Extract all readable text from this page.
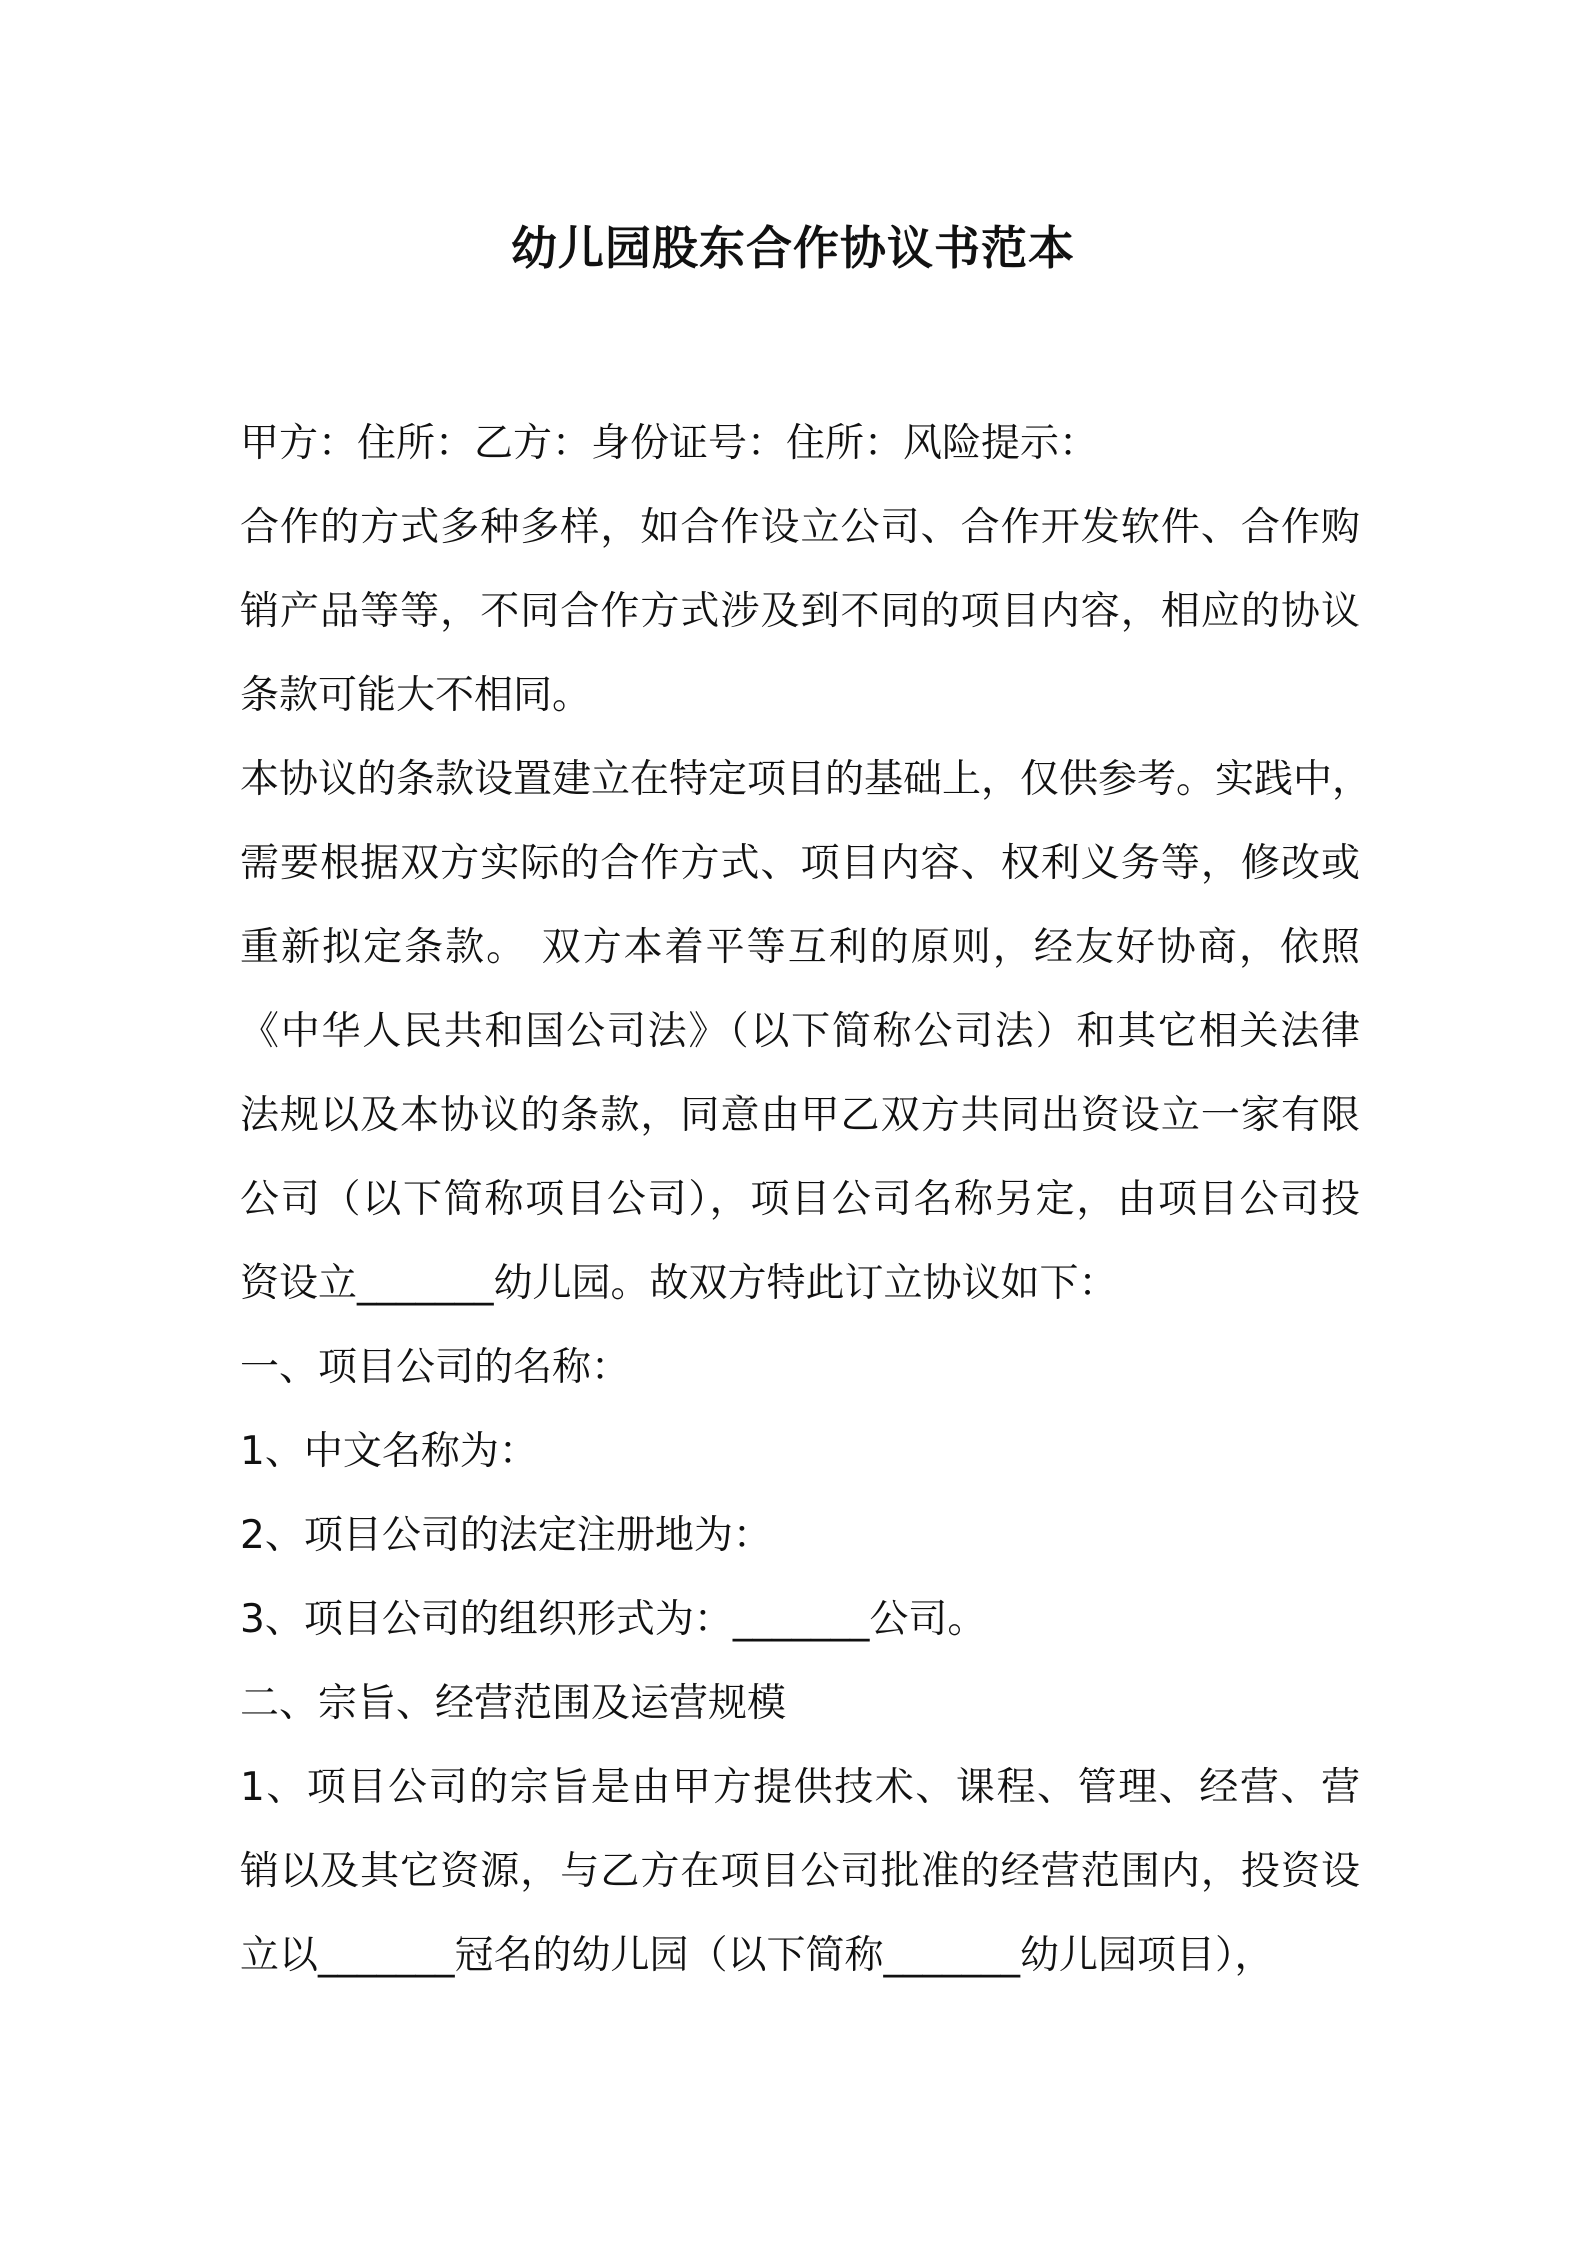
幼儿园股东合作协议书范本
甲方：住所：乙方：身份证号：住所：风险提示：
合作的方式多种多样，如合作设立公司、合作开发软件、合作购
销产品等等，不同合作方式涉及到不同的项目内容，相应的协议
条款可能大不相同。
本协议的条款设置建立在特定项目的基础上，仅供参考。实践中，
需要根据双方实际的合作方式、项目内容、权利义务等，修改或
重新拟定条款。 双方本着平等互利的原则，经友好协商，依照
《中华人民共和国公司法》（以下简称公司法）和其它相关法律
法规以及本协议的条款，同意由甲乙双方共同出资设立一家有限
公司（以下简称项目公司），项目公司名称另定，由项目公司投
资设立_______幼儿园。故双方特此订立协议如下：
一、项目公司的名称：
1、中文名称为：
2、项目公司的法定注册地为：
3、项目公司的组织形式为：_______公司。
二、宗旨、经营范围及运营规模
1、项目公司的宗旨是由甲方提供技术、课程、管理、经营、营
销以及其它资源，与乙方在项目公司批准的经营范围内，投资设
立以_______冠名的幼儿园（以下简称_______幼儿园项目），
